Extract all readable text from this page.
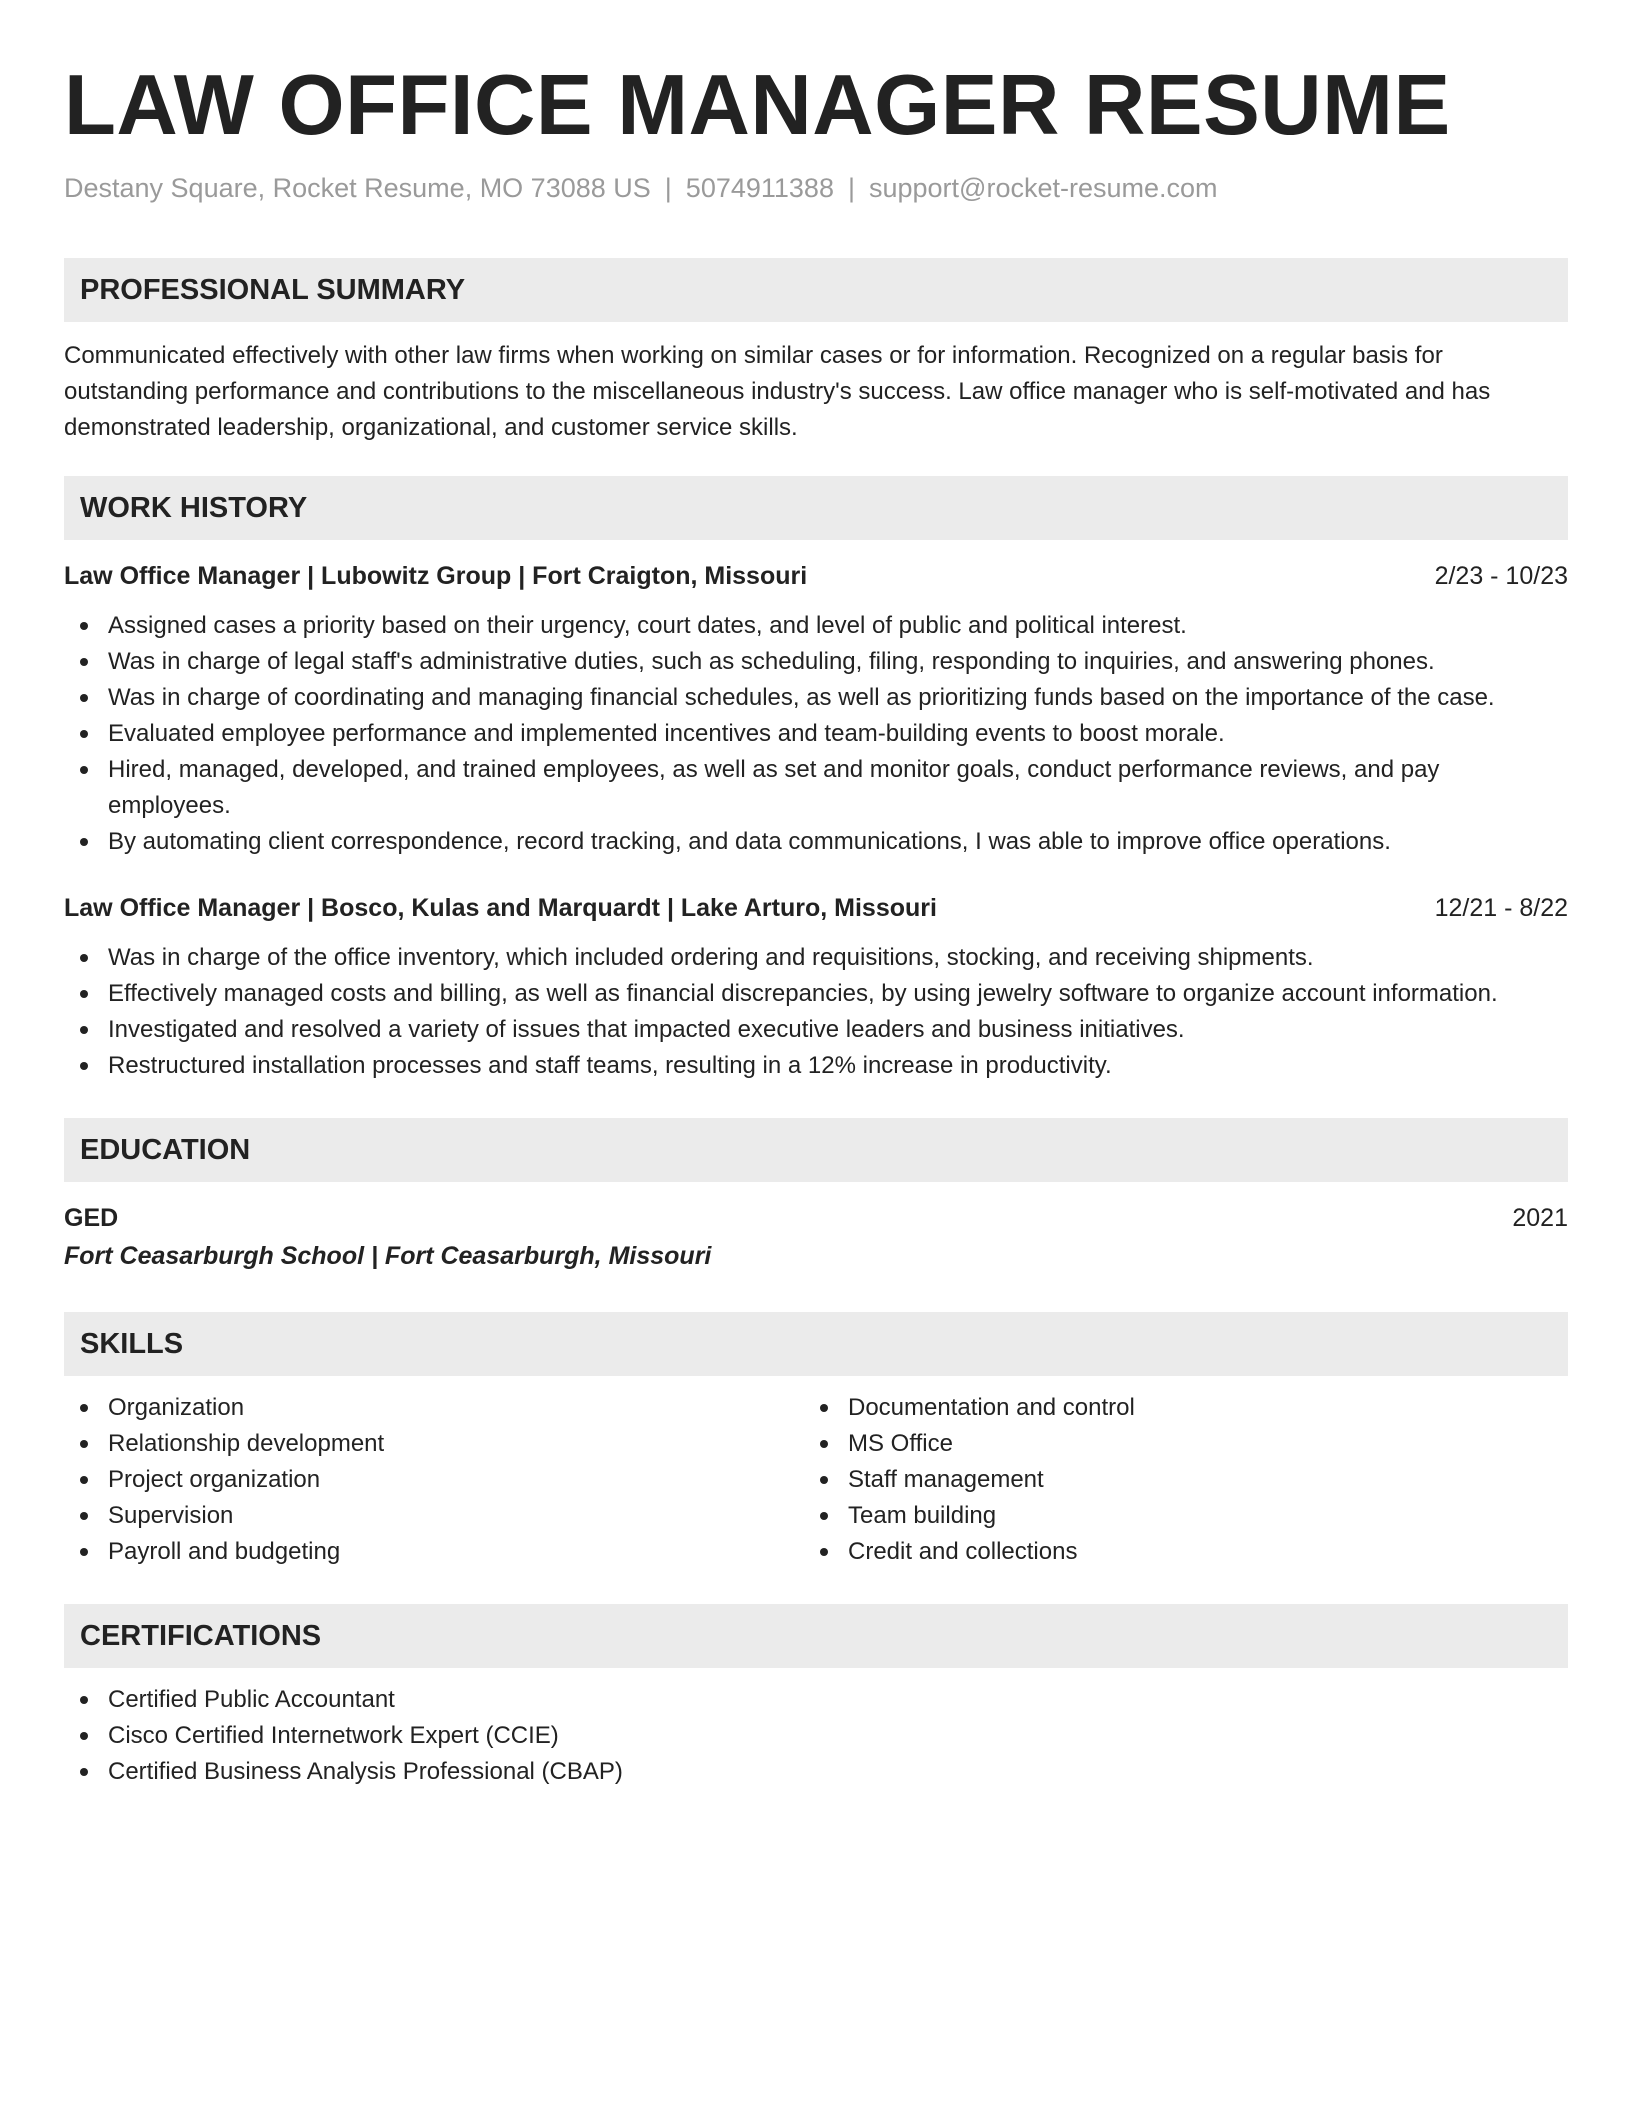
LAW OFFICE MANAGER RESUME
Destany Square, Rocket Resume, MO 73088 US | 5074911388 | support@rocket-resume.com
PROFESSIONAL SUMMARY
Communicated effectively with other law firms when working on similar cases or for information. Recognized on a regular basis for outstanding performance and contributions to the miscellaneous industry's success. Law office manager who is self-motivated and has demonstrated leadership, organizational, and customer service skills.
WORK HISTORY
Law Office Manager | Lubowitz Group | Fort Craigton, Missouri	2/23 - 10/23
Assigned cases a priority based on their urgency, court dates, and level of public and political interest.
Was in charge of legal staff's administrative duties, such as scheduling, filing, responding to inquiries, and answering phones.
Was in charge of coordinating and managing financial schedules, as well as prioritizing funds based on the importance of the case.
Evaluated employee performance and implemented incentives and team-building events to boost morale.
Hired, managed, developed, and trained employees, as well as set and monitor goals, conduct performance reviews, and pay employees.
By automating client correspondence, record tracking, and data communications, I was able to improve office operations.
Law Office Manager | Bosco, Kulas and Marquardt | Lake Arturo, Missouri	12/21 - 8/22
Was in charge of the office inventory, which included ordering and requisitions, stocking, and receiving shipments.
Effectively managed costs and billing, as well as financial discrepancies, by using jewelry software to organize account information.
Investigated and resolved a variety of issues that impacted executive leaders and business initiatives.
Restructured installation processes and staff teams, resulting in a 12% increase in productivity.
EDUCATION
GED	2021
Fort Ceasarburgh School | Fort Ceasarburgh, Missouri
SKILLS
Organization
Relationship development
Project organization
Supervision
Payroll and budgeting
Documentation and control
MS Office
Staff management
Team building
Credit and collections
CERTIFICATIONS
Certified Public Accountant
Cisco Certified Internetwork Expert (CCIE)
Certified Business Analysis Professional (CBAP)
